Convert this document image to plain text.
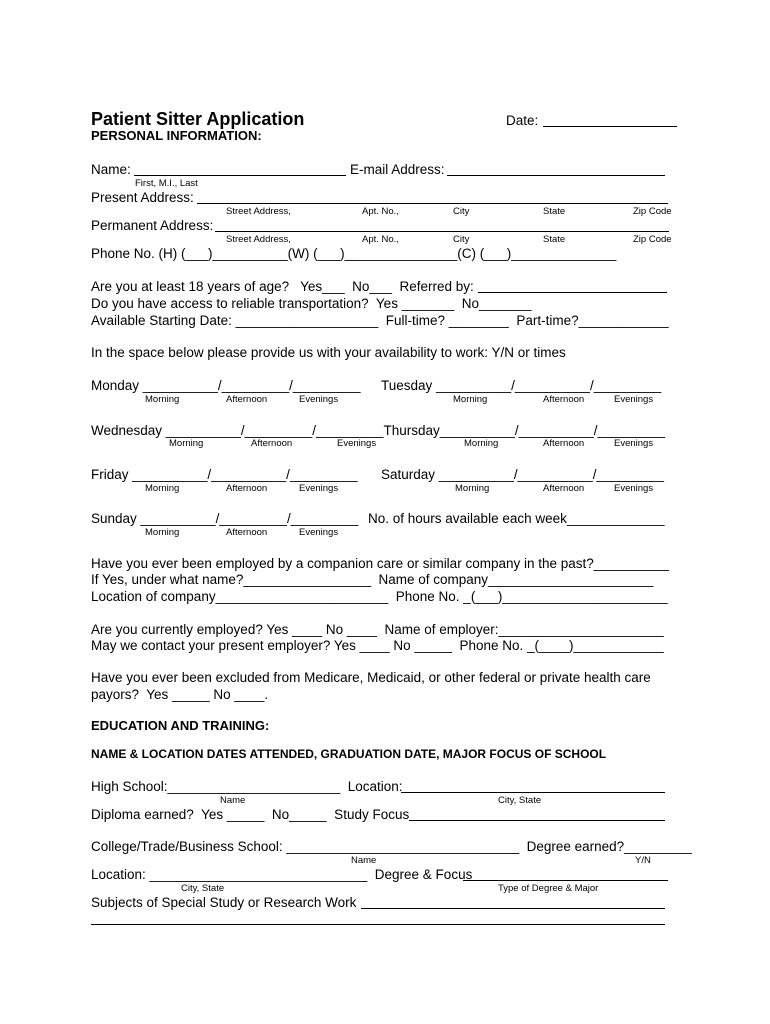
Patient Sitter Application	Date:
PERSONAL INFORMATION:
Name:	E-mail Address:
First, M.I., Last
Present Address:
Street Address,	Apt. No.,	City	State	Zip Code
Permanent Address:
Street Address,	Apt. No.,	City	State	Zip Code
Phone No. (H) (___)__________(W) (___)_______________(C) (___)______________
Are you at least 18 years of age?   Yes___  No___  Referred by:
Do you have access to reliable transportation?  Yes _______  No_______
Available Starting Date: ___________________  Full-time? ________  Part-time?____________
In the space below please provide us with your availability to work: Y/N or times
Monday __________/_________/_________
Morning	Afternoon	Evenings
Tuesday __________/__________/_________
Morning	Afternoon	Evenings
Wednesday __________/_________/_________Thursday__________/__________/_________
Morning	Afternoon	Evenings	Morning	Afternoon	Evenings
Friday __________/__________/_________
Morning	Afternoon	Evenings
Saturday __________/__________/_________
Morning	Afternoon	Evenings
Sunday __________/_________/_________
Morning	Afternoon	Evenings
No. of hours available each week_____________
Have you ever been employed by a companion care or similar company in the past?__________
If Yes, under what name?_________________  Name of company______________________
Location of company_______________________  Phone No. _(___)______________________
Are you currently employed? Yes ____ No ____  Name of employer:______________________
May we contact your present employer? Yes ____ No _____  Phone No. _(____)____________
Have you ever been excluded from Medicare, Medicaid, or other federal or private health care
payors?  Yes _____ No ____.
EDUCATION AND TRAINING:
NAME & LOCATION DATES ATTENDED, GRADUATION DATE, MAJOR FOCUS OF SCHOOL
High School:_______________________  Location:
Name	City, State
Diploma earned?  Yes _____  No_____  Study Focus
College/Trade/Business School: _______________________________  Degree earned?_________
Name	Y/N
Location: _____________________________  Degree & Focus
City, State	Type of Degree & Major
Subjects of Special Study or Research Work
